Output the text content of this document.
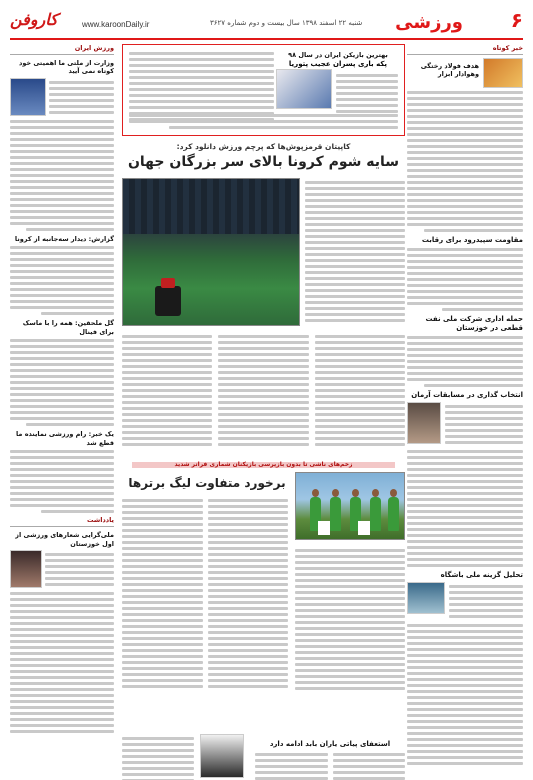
کاروفن	www.karoonDaily.ir	شنبه ۲۲ اسفند ۱۳۹۸ سال بیست و دوم شماره ۳۶۲۷ ورزشی ۶
خبر کوتاه
هدف فولاد رختگی وهوادار ابزار
مقاومت سپیدرود برای رقابت
حمله اداری شرکت ملی نفت قطعی در خوزستان
انتخاب گذاری در مسابقات آرمان
تحلیل گزینه ملی باشگاه
ورزش ایران
وزارت از ملتی ما اهمیتی خود کوتاه نمی آیید
گزارش: دیدار سه‌جانبه از کرونا
گل ملحقین: همه را با ماسک برای فینال
یک خبر: رام ورزشی نماینده ما قطع شد
یادداشت
ملی‌گرایی شعارهای ورزشی از اول خوزستان
بهترین بازیکن ایران در سال ۹۸
پکه باری پسران عجیب پتوریا
کاپیتان قرمزپوش‌ها که پرچم ورزش دانلود کرد:
سایه شوم کرونا بالای سر بزرگان جهان
زخم‌های ناشی تا بدون بازپرسی بازیکنان شماری فراتر شدید
برخورد متفاوت لیگ برترها
استعفای پیاتی یاران بابد ادامه دارد
